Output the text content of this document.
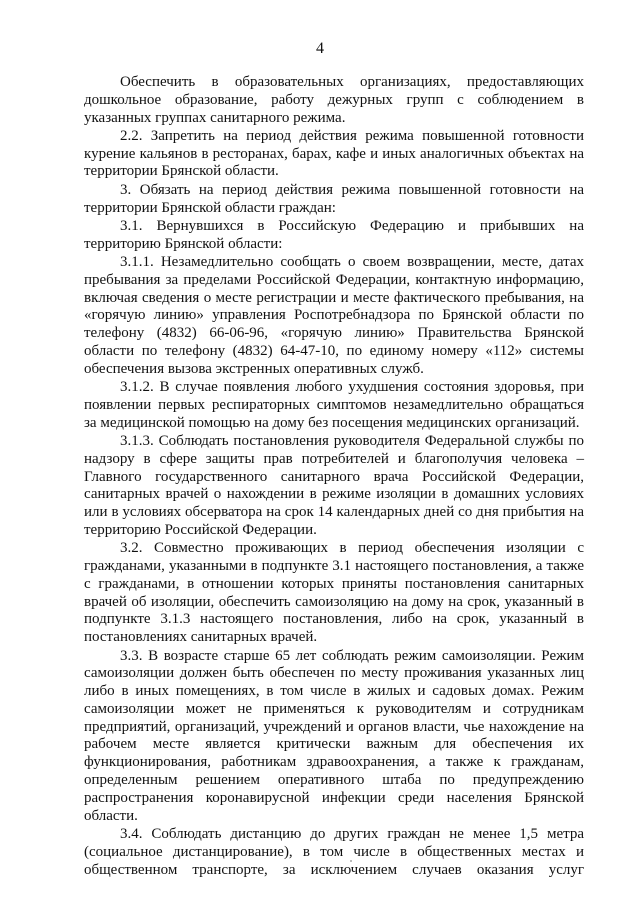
4

Обеспечить в образовательных организациях, предоставляющих дошкольное образование, работу дежурных групп с соблюдением в указанных группах санитарного режима.

2.2. Запретить на период действия режима повышенной готовности курение кальянов в ресторанах, барах, кафе и иных аналогичных объектах на территории Брянской области.

3. Обязать на период действия режима повышенной готовности на территории Брянской области граждан:

3.1. Вернувшихся в Российскую Федерацию и прибывших на территорию Брянской области:

3.1.1. Незамедлительно сообщать о своем возвращении, месте, датах пребывания за пределами Российской Федерации, контактную информацию, включая сведения о месте регистрации и месте фактического пребывания, на «горячую линию» управления Роспотребнадзора по Брянской области по телефону (4832) 66-06-96, «горячую линию» Правительства Брянской области по телефону (4832) 64-47-10, по единому номеру «112» системы обеспечения вызова экстренных оперативных служб.

3.1.2. В случае появления любого ухудшения состояния здоровья, при появлении первых респираторных симптомов незамедлительно обращаться за медицинской помощью на дому без посещения медицинских организаций.

3.1.3. Соблюдать постановления руководителя Федеральной службы по надзору в сфере защиты прав потребителей и благополучия человека – Главного государственного санитарного врача Российской Федерации, санитарных врачей о нахождении в режиме изоляции в домашних условиях или в условиях обсерватора на срок 14 календарных дней со дня прибытия на территорию Российской Федерации.

3.2. Совместно проживающих в период обеспечения изоляции с гражданами, указанными в подпункте 3.1 настоящего постановления, а также с гражданами, в отношении которых приняты постановления санитарных врачей об изоляции, обеспечить самоизоляцию на дому на срок, указанный в подпункте 3.1.3 настоящего постановления, либо на срок, указанный в постановлениях санитарных врачей.

3.3. В возрасте старше 65 лет соблюдать режим самоизоляции. Режим самоизоляции должен быть обеспечен по месту проживания указанных лиц либо в иных помещениях, в том числе в жилых и садовых домах. Режим самоизоляции может не применяться к руководителям и сотрудникам предприятий, организаций, учреждений и органов власти, чье нахождение на рабочем месте является критически важным для обеспечения их функционирования, работникам здравоохранения, а также к гражданам, определенным решением оперативного штаба по предупреждению распространения коронавирусной инфекции среди населения Брянской области.

3.4. Соблюдать дистанцию до других граждан не менее 1,5 метра (социальное дистанцирование), в том числе в общественных местах и общественном транспорте, за исключением случаев оказания услуг
